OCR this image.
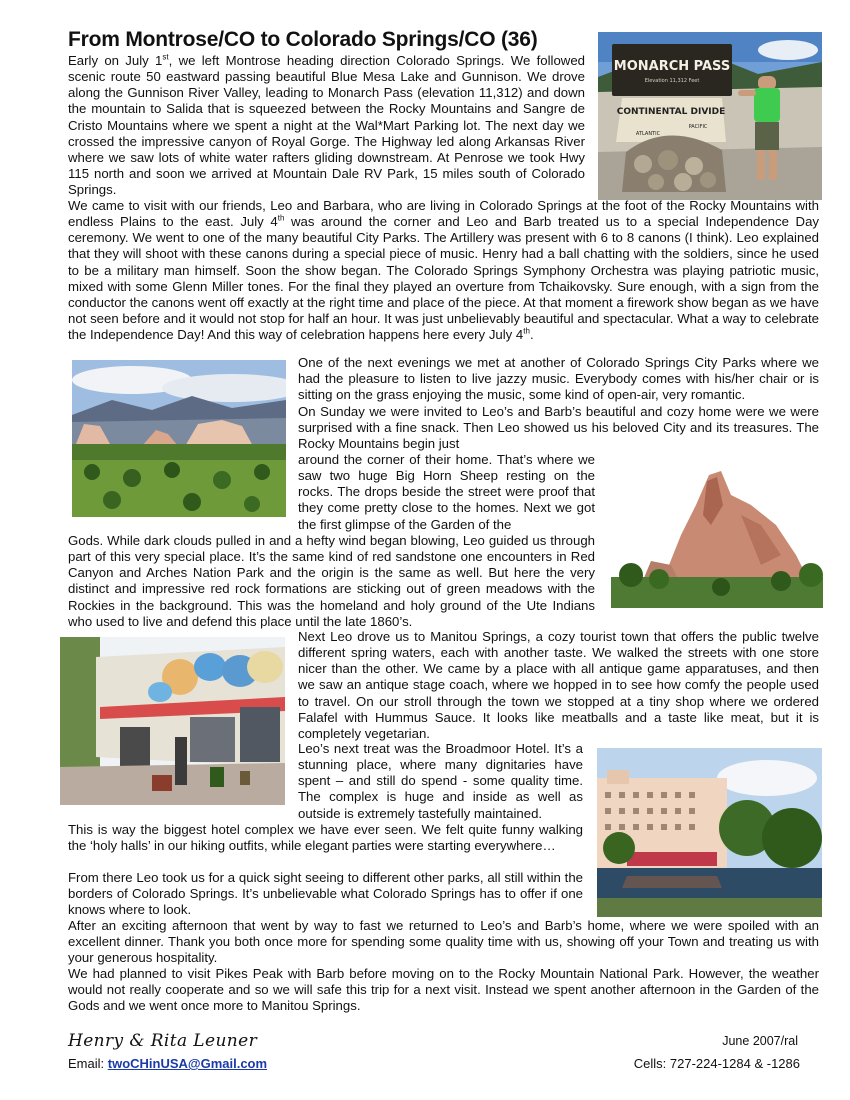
From Montrose/CO to Colorado Springs/CO (36)
MONARCH PASS
Elevation 11,312 Feet
CONTINENTAL DIVIDE
PACIFIC
ATLANTIC

Early on July 1st, we left Montrose heading direction Colorado Springs. We followed scenic route 50 eastward passing beautiful Blue Mesa Lake and Gunnison. We drove along the Gunnison River Valley, leading to Monarch Pass (elevation 11,312) and down the mountain to Salida that is squeezed between the Rocky Mountains and Sangre de Cristo Mountains where we spent a night at the Wal*Mart Parking lot. The next day we crossed the impressive canyon of Royal Gorge. The Highway led along Arkansas River where we saw lots of white water rafters gliding downstream. At Penrose we took Hwy 115 north and soon we arrived at Mountain Dale RV Park, 15 miles south of Colorado Springs.

We came to visit with our friends, Leo and Barbara, who are living in Colorado Springs at the foot of the Rocky Mountains with endless Plains to the east. July 4th was around the corner and Leo and Barb treated us to a special Independence Day ceremony. We went to one of the many beautiful City Parks. The Artillery was present with 6 to 8 canons (I think). Leo explained that they will shoot with these canons during a special piece of music. Henry had a ball chatting with the soldiers, since he used to be a military man himself. Soon the show began. The Colorado Springs Symphony Orchestra was playing patriotic music, mixed with some Glenn Miller tones. For the final they played an overture from Tchaikovsky. Sure enough, with a sign from the conductor the canons went off exactly at the right time and place of the piece. At that moment a firework show began as we have not seen before and it would not stop for half an hour. It was just unbelievably beautiful and spectacular. What a way to celebrate the Independence Day! And this way of celebration happens here every July 4th.

One of the next evenings we met at another of Colorado Springs City Parks where we had the pleasure to listen to live jazzy music. Everybody comes with his/her chair or is sitting on the grass enjoying the music, some kind of open-air, very romantic.

On Sunday we were invited to Leo’s and Barb’s beautiful and cozy home were we were surprised with a fine snack. Then Leo showed us his beloved City and its treasures. The Rocky Mountains begin just

around the corner of their home. That’s where we saw two huge Big Horn Sheep resting on the rocks. The drops beside the street were proof that they come pretty close to the homes. Next we got the first glimpse of the Garden of the

Gods. While dark clouds pulled in and a hefty wind began blowing, Leo guided us through part of this very special place. It’s the same kind of red sandstone one encounters in Red Canyon and Arches Nation Park and the origin is the same as well. But here the very distinct and impressive red rock formations are sticking out of green meadows with the Rockies in the background. This was the homeland and holy ground of the Ute Indians who used to live and defend this place until the late 1860’s.

Next Leo drove us to Manitou Springs, a cozy tourist town that offers the public twelve different spring waters, each with another taste. We walked the streets with one store nicer than the other. We came by a place with all antique game apparatuses, and then we saw an antique stage coach, where we hopped in to see how comfy the people used to travel. On our stroll through the town we stopped at a tiny shop where we ordered Falafel with Hummus Sauce. It looks like meatballs and a taste like meat, but it is completely vegetarian.

Leo’s next treat was the Broadmoor Hotel. It’s a stunning place, where many dignitaries have spent – and still do spend - some quality time. The complex is huge and inside as well as outside is extremely tastefully maintained.

This is way the biggest hotel complex we have ever seen. We felt quite funny walking the ‘holy halls’ in our hiking outfits, while elegant parties were starting everywhere…

From there Leo took us for a quick sight seeing to different other parks, all still within the borders of Colorado Springs. It’s unbelievable what Colorado Springs has to offer if one knows where to look.

After an exciting afternoon that went by way to fast we returned to Leo’s and Barb’s home, where we were spoiled with an excellent dinner. Thank you both once more for spending some quality time with us, showing off your Town and treating us with your generous hospitality.

We had planned to visit Pikes Peak with Barb before moving on to the Rocky Mountain National Park. However, the weather would not really cooperate and so we will safe this trip for a next visit. Instead we spent another afternoon in the Garden of the Gods and we went once more to Manitou Springs.

Henry & Rita Leuner
Email: twoCHinUSA@Gmail.com
June 2007/ral
Cells: 727-224-1284 & -1286
